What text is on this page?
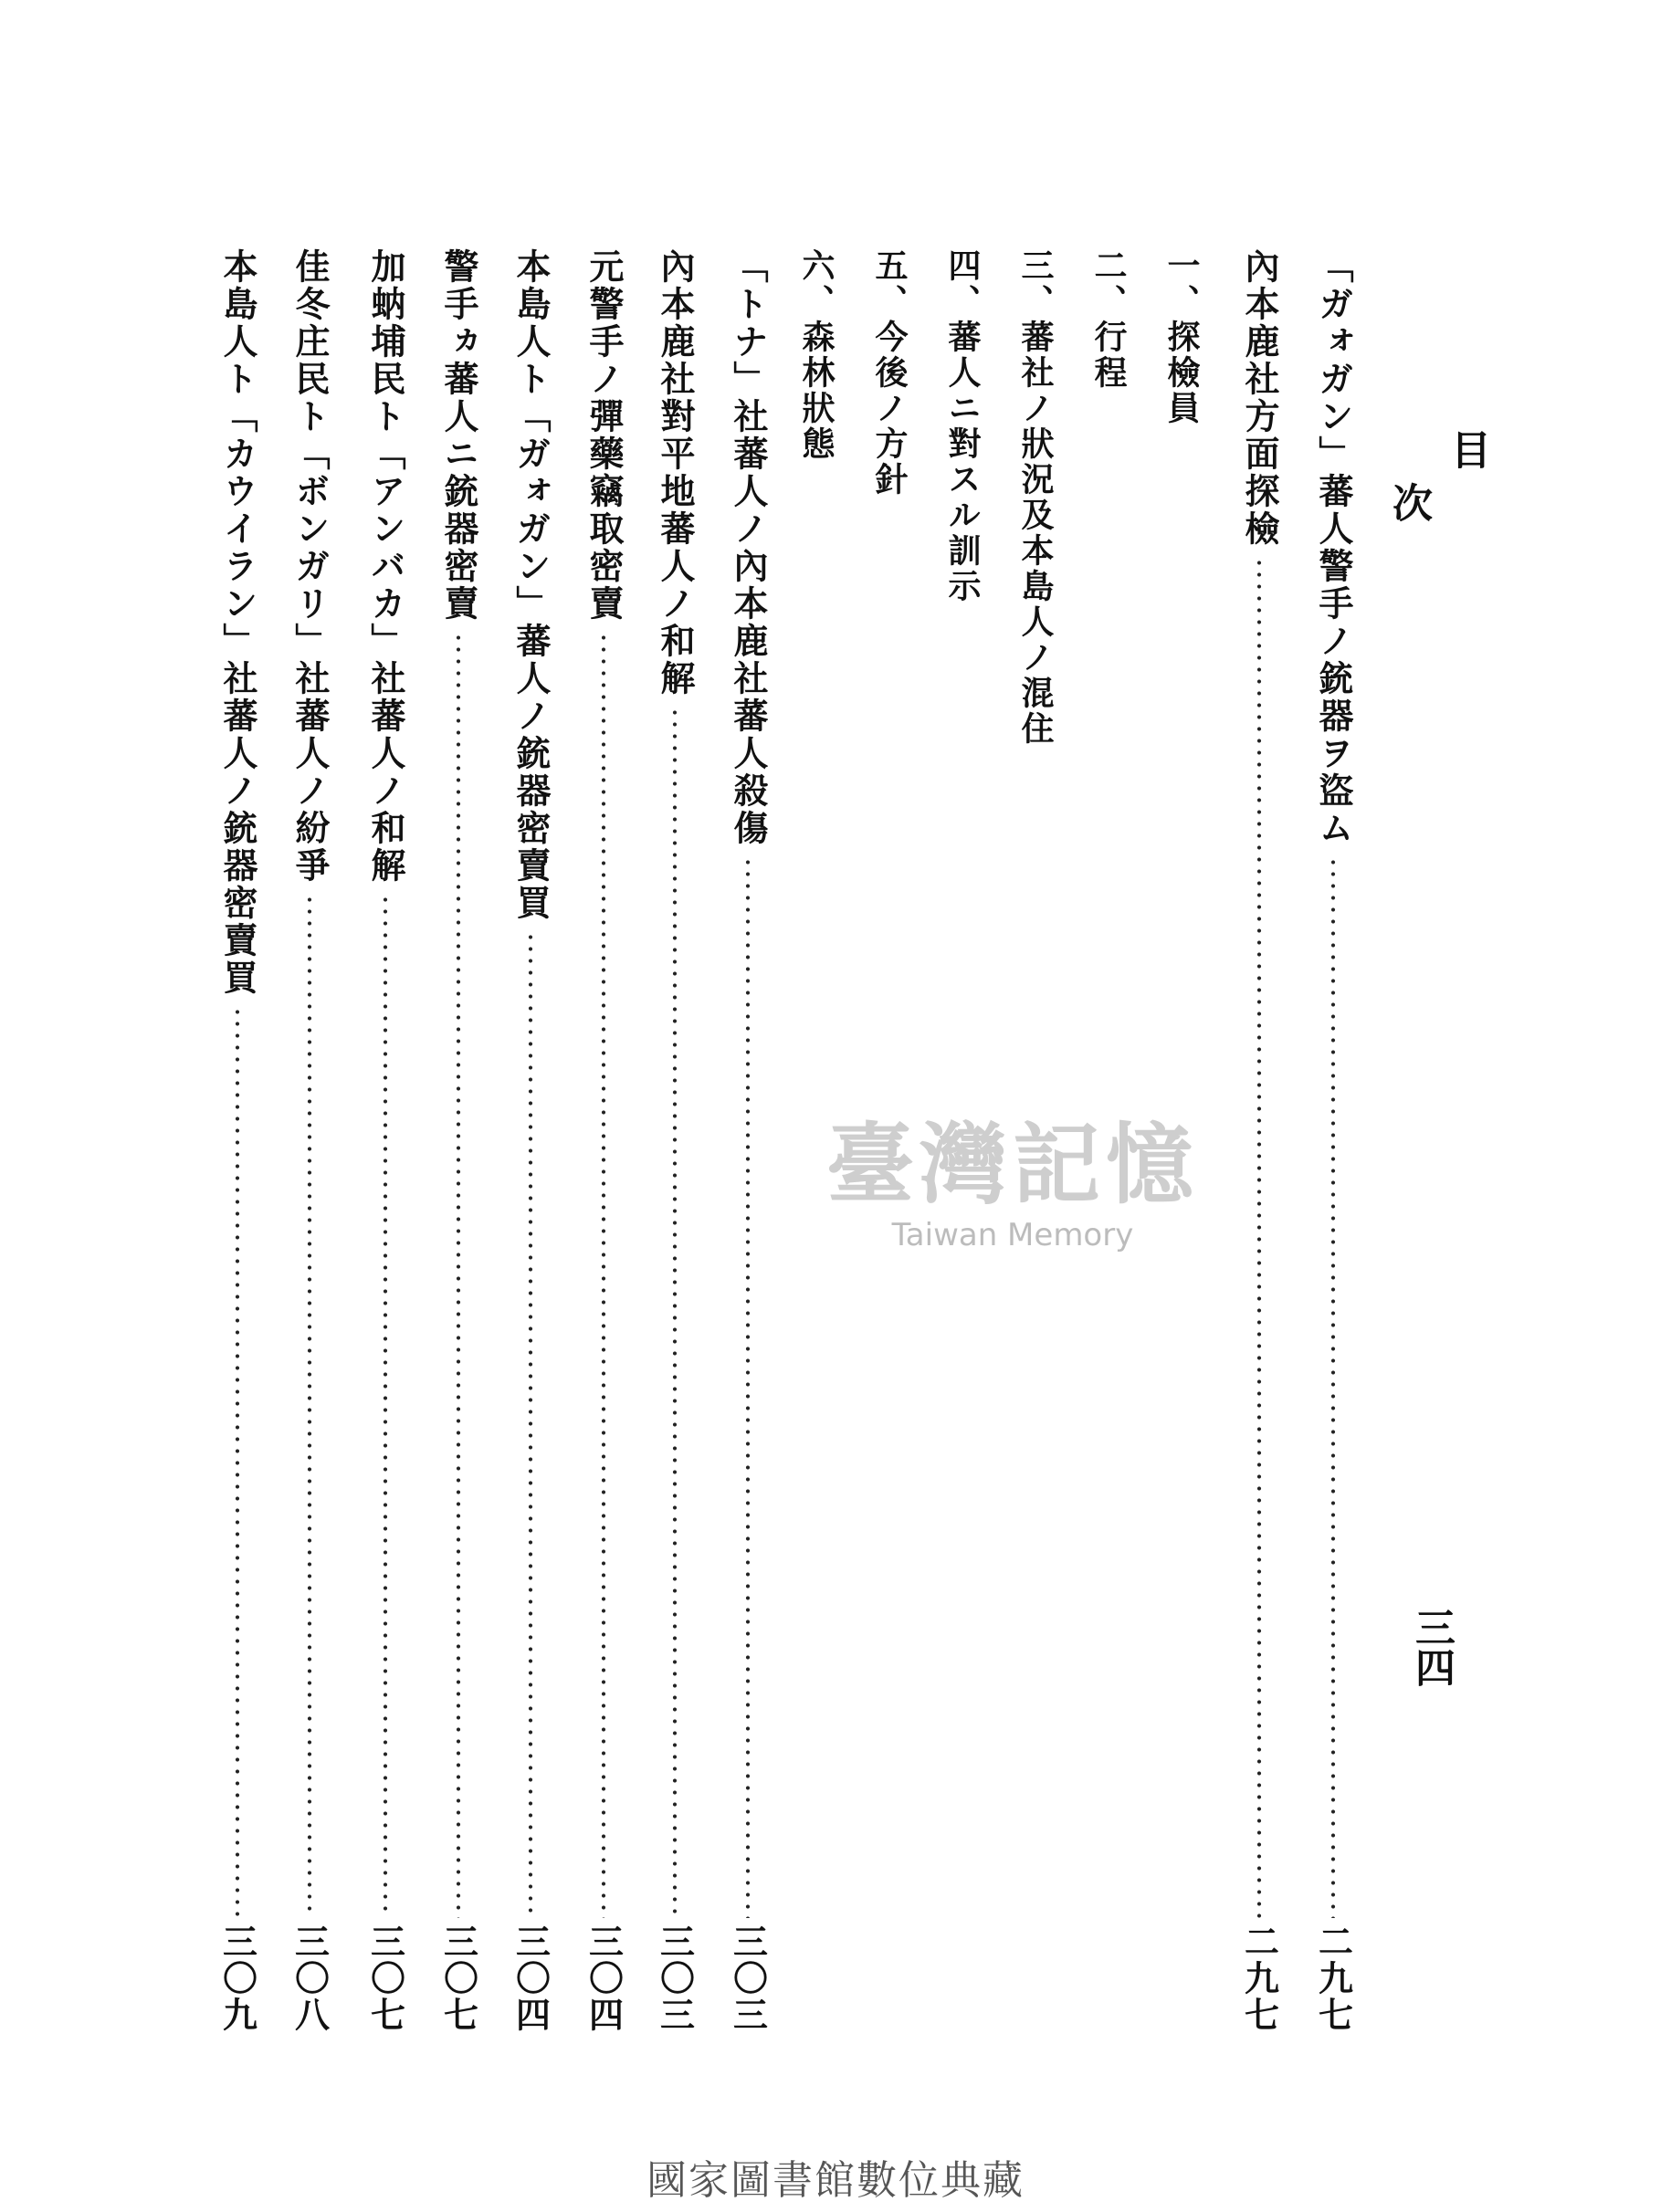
目
次
三四
「ガォガン」蕃人警手ノ銃器ヲ盜ム
二九七
內本鹿社方面探檢
二九七
一、探檢員
二、行程
三、蕃社ノ狀況及本島人ノ混住
四、蕃人ニ對スル訓示
五、今後ノ方針
六、森林狀態
「トナ」社蕃人ノ內本鹿社蕃人殺傷
三〇三
內本鹿社對平地蕃人ノ和解
三〇三
元警手ノ彈藥竊取密賣
三〇四
本島人ト「ガォガン」蕃人ノ銃器密賣買
三〇四
警手ヵ蕃人ニ銃器密賣
三〇七
加蚋埔民ト「アンバカ」社蕃人ノ和解
三〇七
佳冬庄民ト「ボンガリ」社蕃人ノ紛爭
三〇八
本島人ト「カウイラン」社蕃人ノ銃器密賣買
三〇九
臺灣記憶
Taiwan Memory
國家圖書館數位典藏
